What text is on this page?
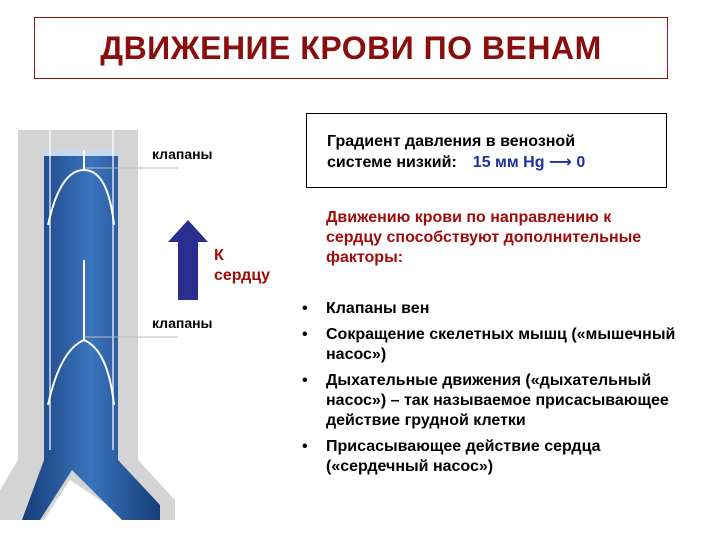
ДВИЖЕНИЕ КРОВИ ПО ВЕНАМ
клапаны
клапаны
К
сердцу
Градиент давления в венозной
системе низкий: 15 мм Hg ⟶ 0
Движению крови по направлению к сердцу способствуют дополнительные факторы:
• Клапаны вен
• Сокращение скелетных мышц («мышечный насос»)
• Дыхательные движения («дыхательный насос») – так называемое присасывающее действие грудной клетки
• Присасывающее действие сердца («сердечный насос»)
